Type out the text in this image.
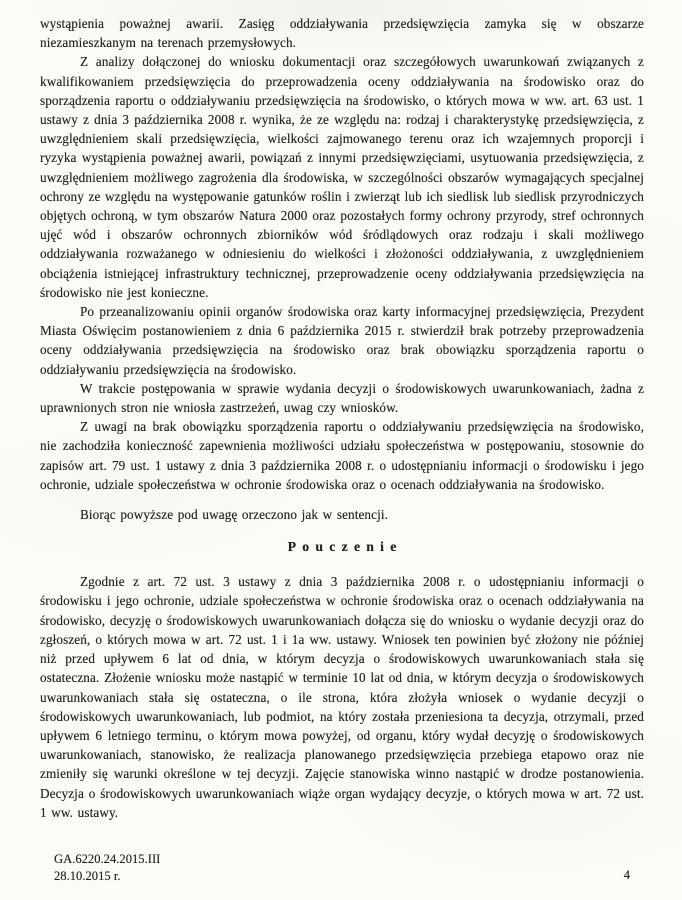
wystąpienia poważnej awarii. Zasięg oddziaływania przedsięwzięcia zamyka się w obszarze niezamieszkanym na terenach przemysłowych.

Z analizy dołączonej do wniosku dokumentacji oraz szczegółowych uwarunkowań związanych z kwalifikowaniem przedsięwzięcia do przeprowadzenia oceny oddziaływania na środowisko oraz do sporządzenia raportu o oddziaływaniu przedsięwzięcia na środowisko, o których mowa w ww. art. 63 ust. 1 ustawy z dnia 3 października 2008 r. wynika, że ze względu na: rodzaj i charakterystykę przedsięwzięcia, z uwzględnieniem skali przedsięwzięcia, wielkości zajmowanego terenu oraz ich wzajemnych proporcji i ryzyka wystąpienia poważnej awarii, powiązań z innymi przedsięwzięciami, usytuowania przedsięwzięcia, z uwzględnieniem możliwego zagrożenia dla środowiska, w szczególności obszarów wymagających specjalnej ochrony ze względu na występowanie gatunków roślin i zwierząt lub ich siedlisk lub siedlisk przyrodniczych objętych ochroną, w tym obszarów Natura 2000 oraz pozostałych formy ochrony przyrody, stref ochronnych ujęć wód i obszarów ochronnych zbiorników wód śródlądowych oraz rodzaju i skali możliwego oddziaływania rozważanego w odniesieniu do wielkości i złożoności oddziaływania, z uwzględnieniem obciążenia istniejącej infrastruktury technicznej, przeprowadzenie oceny oddziaływania przedsięwzięcia na środowisko nie jest konieczne.

Po przeanalizowaniu opinii organów środowiska oraz karty informacyjnej przedsięwzięcia, Prezydent Miasta Oświęcim postanowieniem z dnia 6 października 2015 r. stwierdził brak potrzeby przeprowadzenia oceny oddziaływania przedsięwzięcia na środowisko oraz brak obowiązku sporządzenia raportu o oddziaływaniu przedsięwzięcia na środowisko.

W trakcie postępowania w sprawie wydania decyzji o środowiskowych uwarunkowaniach, żadna z uprawnionych stron nie wniosła zastrzeżeń, uwag czy wniosków.

Z uwagi na brak obowiązku sporządzenia raportu o oddziaływaniu przedsięwzięcia na środowisko, nie zachodziła konieczność zapewnienia możliwości udziału społeczeństwa w postępowaniu, stosownie do zapisów art. 79 ust. 1 ustawy z dnia 3 października 2008 r. o udostępnianiu informacji o środowisku i jego ochronie, udziale społeczeństwa w ochronie środowiska oraz o ocenach oddziaływania na środowisko.

Biorąc powyższe pod uwagę orzeczono jak w sentencji.

Pouczenie

Zgodnie z art. 72 ust. 3 ustawy z dnia 3 października 2008 r. o udostępnianiu informacji o środowisku i jego ochronie, udziale społeczeństwa w ochronie środowiska oraz o ocenach oddziaływania na środowisko, decyzję o środowiskowych uwarunkowaniach dołącza się do wniosku o wydanie decyzji oraz do zgłoszeń, o których mowa w art. 72 ust. 1 i 1a ww. ustawy. Wniosek ten powinien być złożony nie później niż przed upływem 6 lat od dnia, w którym decyzja o środowiskowych uwarunkowaniach stała się ostateczna. Złożenie wniosku może nastąpić w terminie 10 lat od dnia, w którym decyzja o środowiskowych uwarunkowaniach stała się ostateczna, o ile strona, która złożyła wniosek o wydanie decyzji o środowiskowych uwarunkowaniach, lub podmiot, na który została przeniesiona ta decyzja, otrzymali, przed upływem 6 letniego terminu, o którym mowa powyżej, od organu, który wydał decyzję o środowiskowych uwarunkowaniach, stanowisko, że realizacja planowanego przedsięwzięcia przebiega etapowo oraz nie zmieniły się warunki określone w tej decyzji. Zajęcie stanowiska winno nastąpić w drodze postanowienia. Decyzja o środowiskowych uwarunkowaniach wiąże organ wydający decyzje, o których mowa w art. 72 ust. 1 ww. ustawy.

GA.6220.24.2015.III
28.10.2015 r.	4
